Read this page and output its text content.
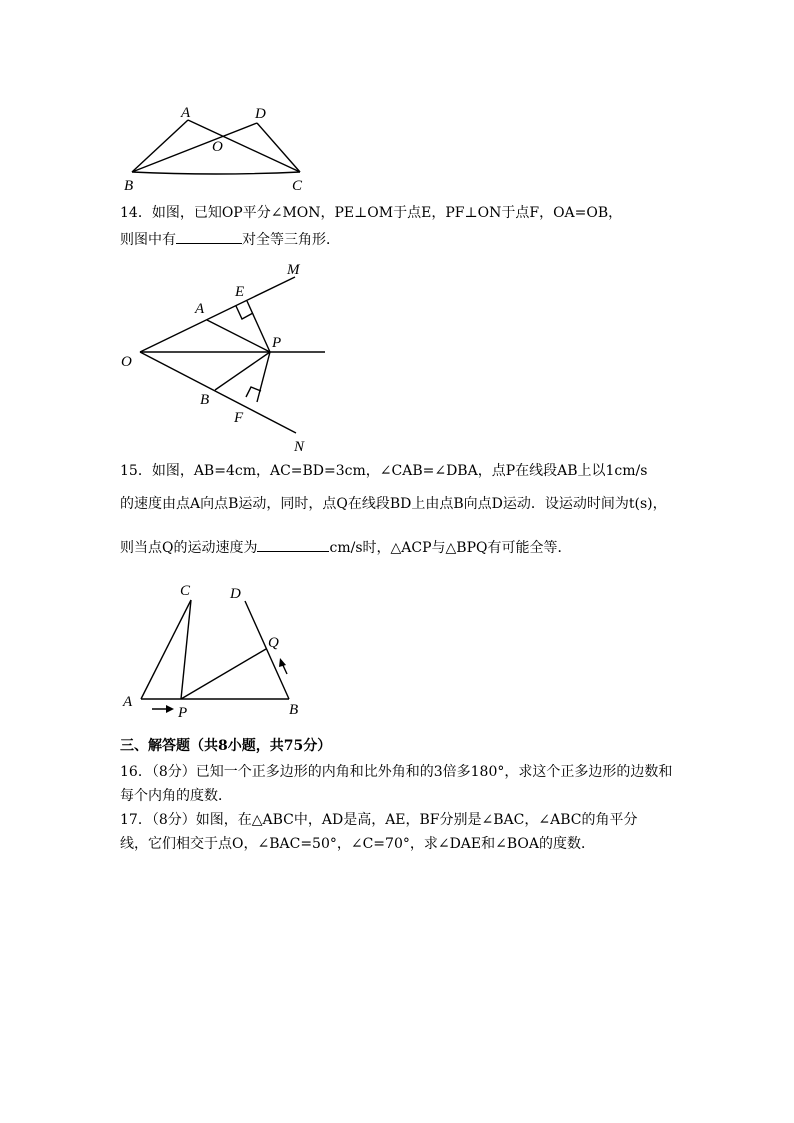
A	D
O
B	C
14．如图，已知OP平分∠MON，PE⊥OM于点E，PF⊥ON于点F，OA=OB，
则图中有	对全等三角形．
M
E
A
O
P
B
F
N
15．如图，AB=4cm，AC=BD=3cm，∠CAB=∠DBA，点P在线段AB上以1cm/s
的速度由点A向点B运动，同时，点Q在线段BD上由点B向点D运动．设运动时间为t(s)，
则当点Q的运动速度为	cm/s时，△ACP与△BPQ有可能全等．
C	D
Q
A
P	B
三、解答题（共8小题，共75分）
16．（8分）已知一个正多边形的内角和比外角和的3倍多180°，求这个正多边形的边数和
每个内角的度数．
17．（8分）如图，在△ABC中，AD是高，AE，BF分别是∠BAC，∠ABC的角平分
线，它们相交于点O，∠BAC=50°，∠C=70°，求∠DAE和∠BOA的度数．
